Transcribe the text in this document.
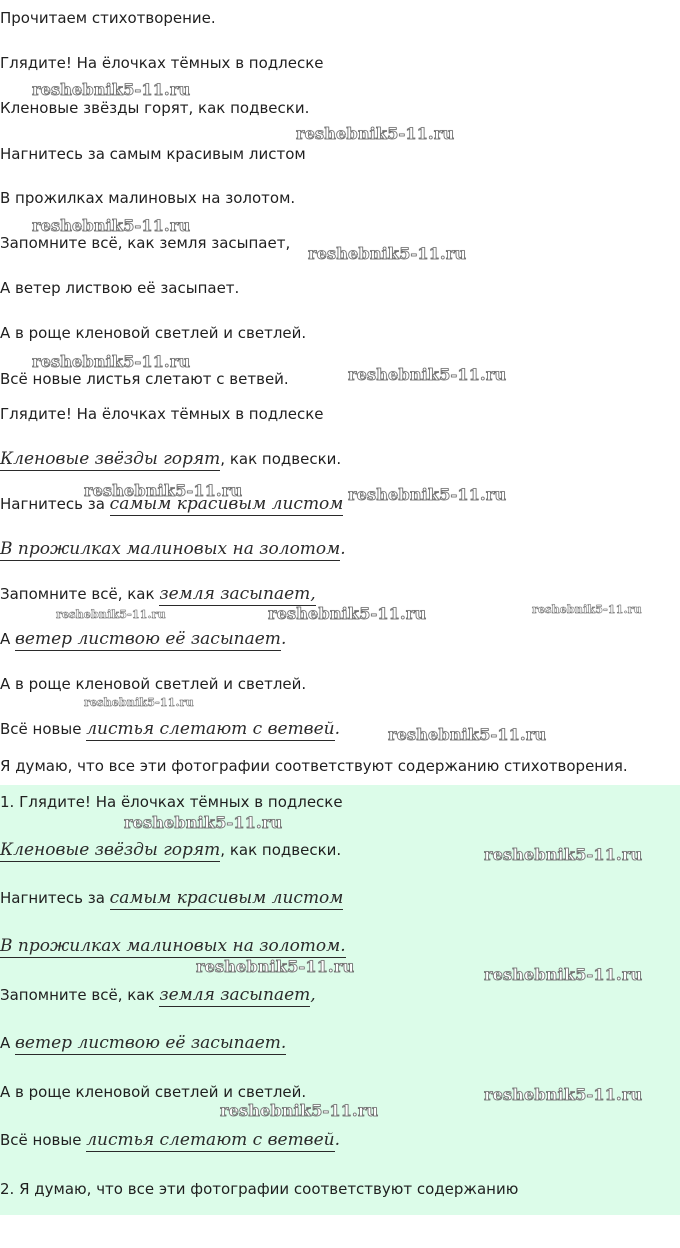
Прочитаем стихотворение.
Глядите! На ёлочках тёмных в подлеске
Кленовые звёзды горят, как подвески.
Нагнитесь за самым красивым листом
В прожилках малиновых на золотом.
Запомните всё, как земля засыпает,
А ветер листвою её засыпает.
А в роще кленовой светлей и светлей.
Всё новые листья слетают с ветвей.
Глядите! На ёлочках тёмных в подлеске
Кленовые звёзды горят, как подвески.
Нагнитесь за самым красивым листом
В прожилках малиновых на золотом.
Запомните всё, как земля засыпает,
А ветер листвою её засыпает.
А в роще кленовой светлей и светлей.
Всё новые листья слетают с ветвей.
Я думаю, что все эти фотографии соответствуют содержанию стихотворения.
1. Глядите! На ёлочках тёмных в подлеске
Кленовые звёзды горят, как подвески.
Нагнитесь за самым красивым листом
В прожилках малиновых на золотом.
Запомните всё, как земля засыпает,
А ветер листвою её засыпает.
А в роще кленовой светлей и светлей.
Всё новые листья слетают с ветвей.
2. Я думаю, что все эти фотографии соответствуют содержанию
reshebnik5-11.ru
reshebnik5-11.ru
reshebnik5-11.ru
reshebnik5-11.ru
reshebnik5-11.ru
reshebnik5-11.ru
reshebnik5-11.ru	reshebnik5-11.ru
reshebnik5-11.ru	reshebnik5-11.ru	reshebnik5-11.ru
reshebnik5-11.ru
reshebnik5-11.ru
reshebnik5-11.ru
reshebnik5-11.ru
reshebnik5-11.ru	reshebnik5-11.ru
reshebnik5-11.ru
reshebnik5-11.ru
